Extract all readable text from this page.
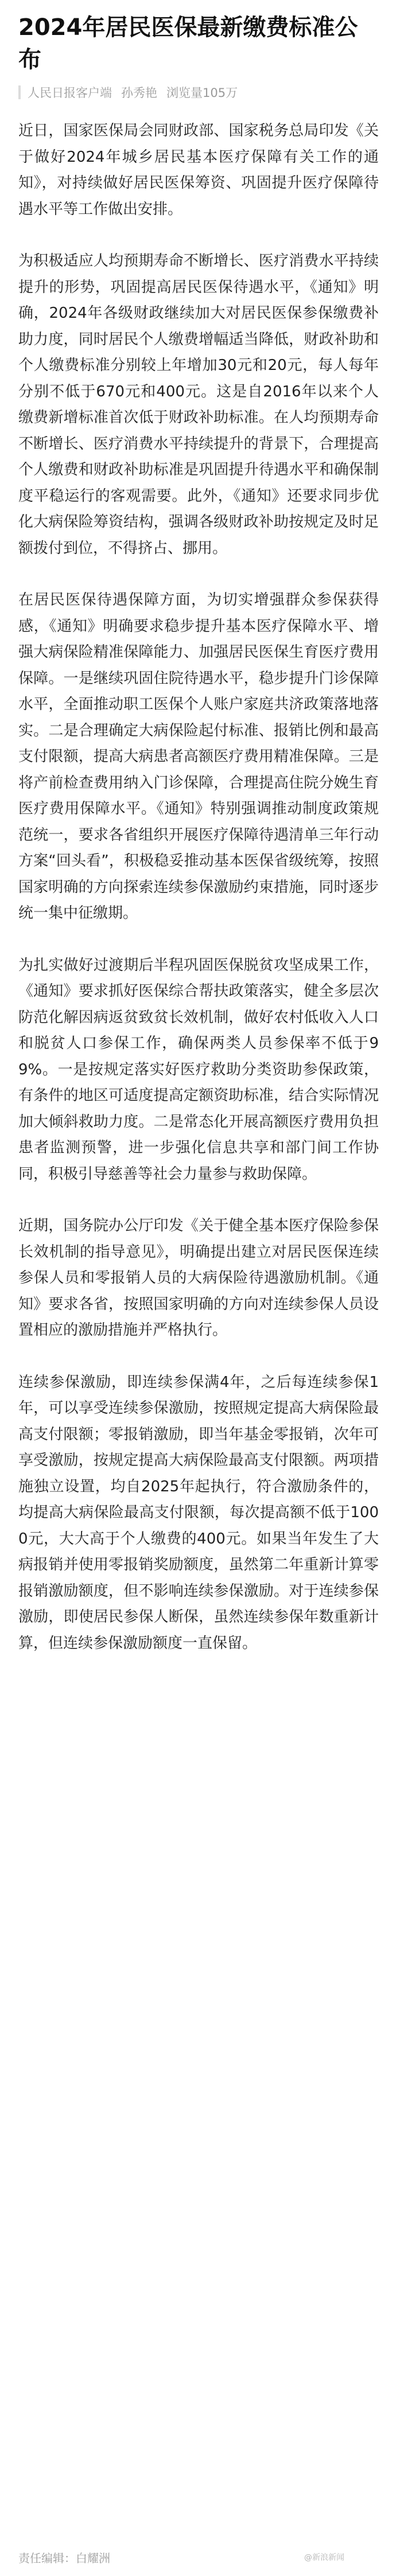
2024年居民医保最新缴费标准公布
人民日报客户端 孙秀艳 浏览量105万

近日，国家医保局会同财政部、国家税务总局印发《关于做好2024年城乡居民基本医疗保障有关工作的通知》，对持续做好居民医保筹资、巩固提升医疗保障待遇水平等工作做出安排。

为积极适应人均预期寿命不断增长、医疗消费水平持续提升的形势，巩固提高居民医保待遇水平，《通知》明确，2024年各级财政继续加大对居民医保参保缴费补助力度，同时居民个人缴费增幅适当降低，财政补助和个人缴费标准分别较上年增加30元和20元，每人每年分别不低于670元和400元。这是自2016年以来个人缴费新增标准首次低于财政补助标准。在人均预期寿命不断增长、医疗消费水平持续提升的背景下，合理提高个人缴费和财政补助标准是巩固提升待遇水平和确保制度平稳运行的客观需要。此外，《通知》还要求同步优化大病保险筹资结构，强调各级财政补助按规定及时足额拨付到位，不得挤占、挪用。

在居民医保待遇保障方面，为切实增强群众参保获得感，《通知》明确要求稳步提升基本医疗保障水平、增强大病保险精准保障能力、加强居民医保生育医疗费用保障。一是继续巩固住院待遇水平，稳步提升门诊保障水平，全面推动职工医保个人账户家庭共济政策落地落实。二是合理确定大病保险起付标准、报销比例和最高支付限额，提高大病患者高额医疗费用精准保障。三是将产前检查费用纳入门诊保障，合理提高住院分娩生育医疗费用保障水平。《通知》特别强调推动制度政策规范统一，要求各省组织开展医疗保障待遇清单三年行动方案“回头看”，积极稳妥推动基本医保省级统筹，按照国家明确的方向探索连续参保激励约束措施，同时逐步统一集中征缴期。

为扎实做好过渡期后半程巩固医保脱贫攻坚成果工作，《通知》要求抓好医保综合帮扶政策落实，健全多层次防范化解因病返贫致贫长效机制，做好农村低收入人口和脱贫人口参保工作，确保两类人员参保率不低于99%。一是按规定落实好医疗救助分类资助参保政策，有条件的地区可适度提高定额资助标准，结合实际情况加大倾斜救助力度。二是常态化开展高额医疗费用负担患者监测预警，进一步强化信息共享和部门间工作协同，积极引导慈善等社会力量参与救助保障。

近期，国务院办公厅印发《关于健全基本医疗保险参保长效机制的指导意见》，明确提出建立对居民医保连续参保人员和零报销人员的大病保险待遇激励机制。《通知》要求各省，按照国家明确的方向对连续参保人员设置相应的激励措施并严格执行。

连续参保激励，即连续参保满4年，之后每连续参保1年，可以享受连续参保激励，按照规定提高大病保险最高支付限额；零报销激励，即当年基金零报销，次年可享受激励，按规定提高大病保险最高支付限额。两项措施独立设置，均自2025年起执行，符合激励条件的，均提高大病保险最高支付限额，每次提高额不低于1000元，大大高于个人缴费的400元。如果当年发生了大病报销并使用零报销奖励额度，虽然第二年重新计算零报销激励额度，但不影响连续参保激励。对于连续参保激励，即使居民参保人断保，虽然连续参保年数重新计算，但连续参保激励额度一直保留。

责任编辑：白耀洲	@新浪新闻
